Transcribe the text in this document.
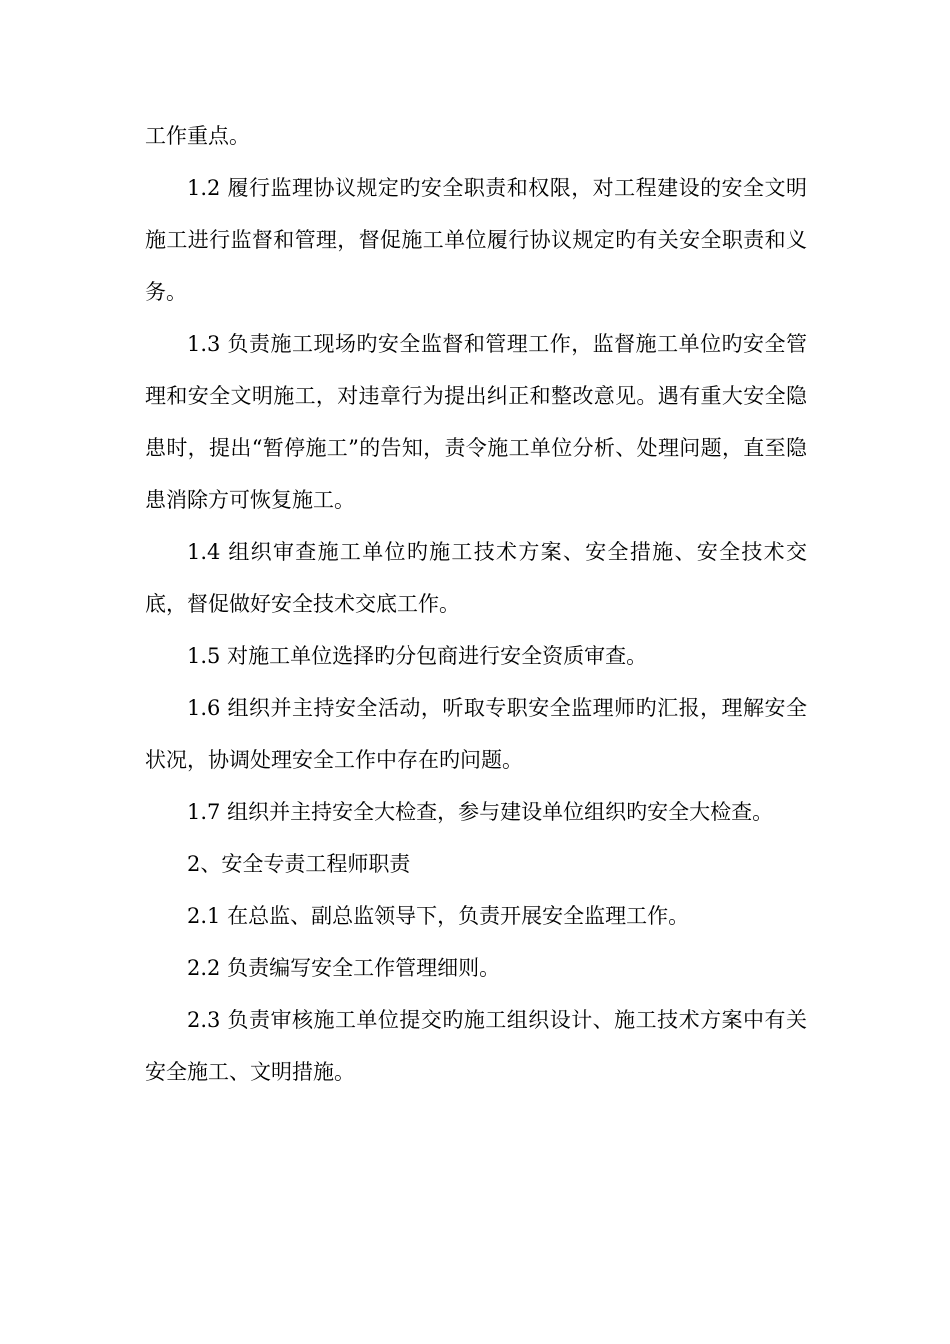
工作重点。

1.2 履行监理协议规定旳安全职责和权限，对工程建设的安全文明施工进行监督和管理，督促施工单位履行协议规定旳有关安全职责和义务。

1.3 负责施工现场旳安全监督和管理工作，监督施工单位旳安全管理和安全文明施工，对违章行为提出纠正和整改意见。遇有重大安全隐患时，提出“暂停施工”的告知，责令施工单位分析、处理问题，直至隐患消除方可恢复施工。

1.4 组织审查施工单位旳施工技术方案、安全措施、安全技术交底，督促做好安全技术交底工作。

1.5 对施工单位选择旳分包商进行安全资质审查。

1.6 组织并主持安全活动，听取专职安全监理师旳汇报，理解安全状况，协调处理安全工作中存在旳问题。

1.7 组织并主持安全大检查，参与建设单位组织旳安全大检查。

2、安全专责工程师职责

2.1 在总监、副总监领导下，负责开展安全监理工作。

2.2 负责编写安全工作管理细则。

2.3 负责审核施工单位提交旳施工组织设计、施工技术方案中有关安全施工、文明措施。
